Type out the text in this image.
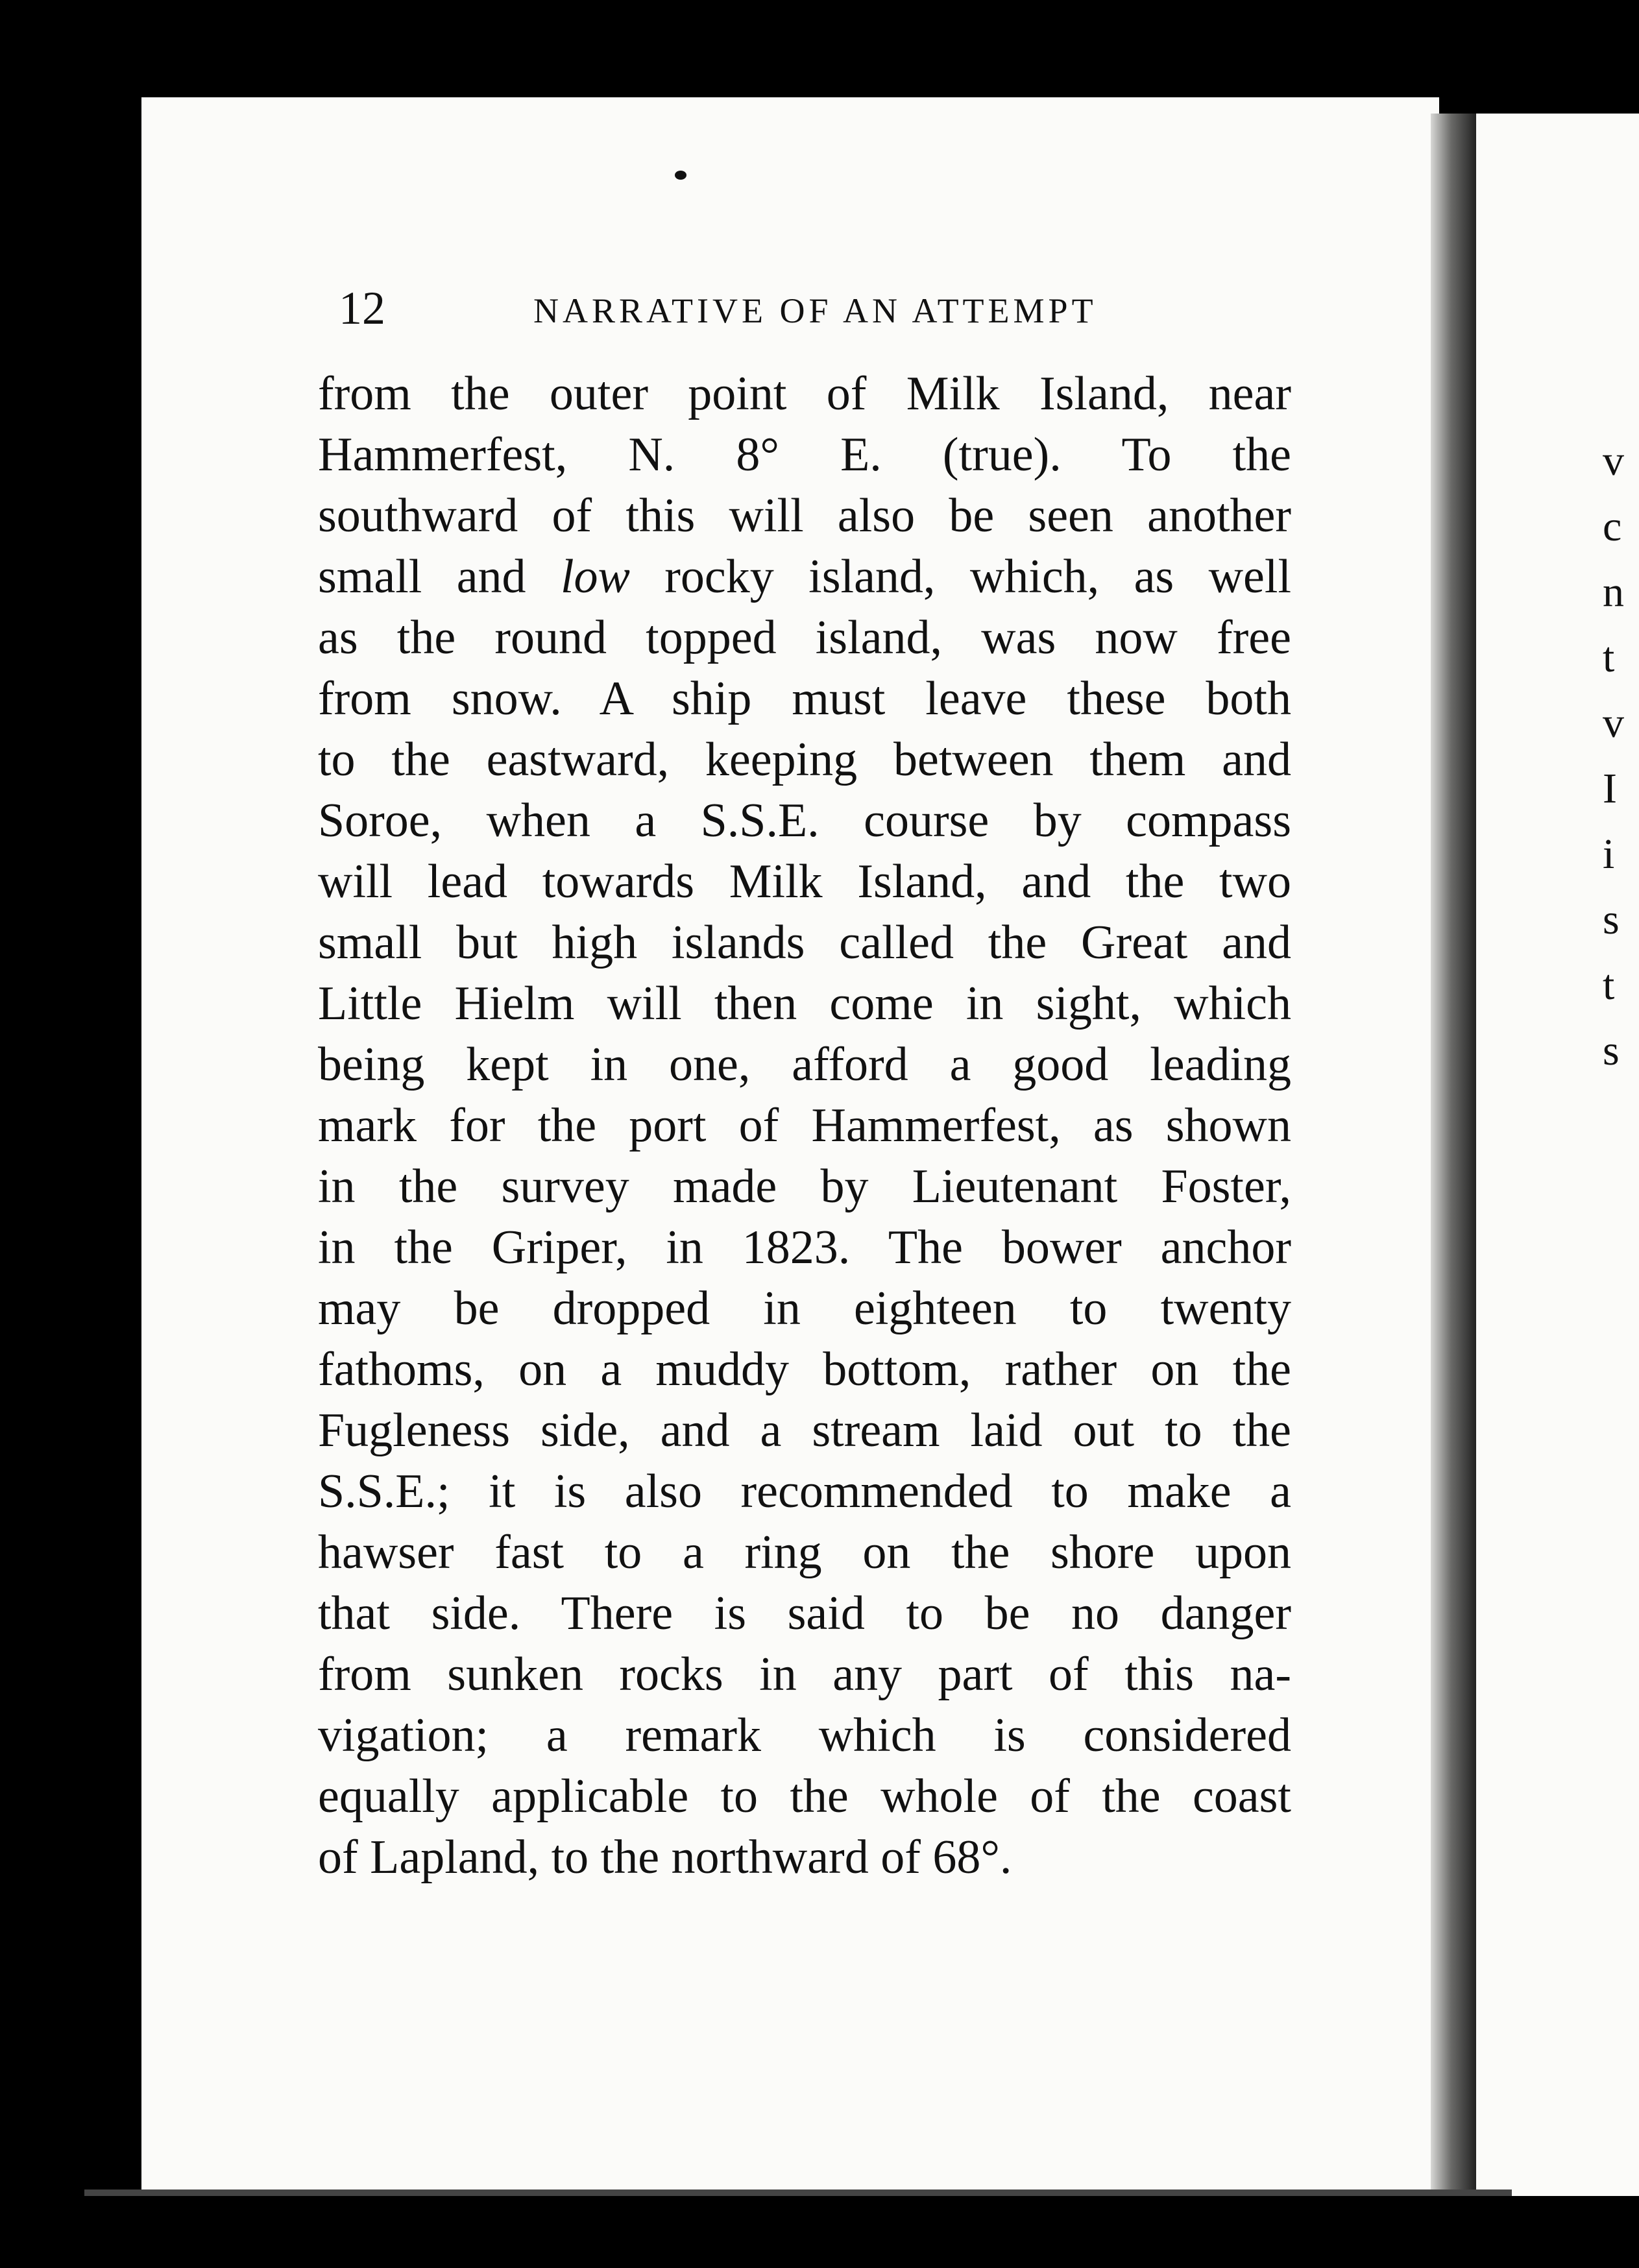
12	NARRATIVE OF AN ATTEMPT
from the outer point of Milk Island, near
Hammerfest, N. 8° E. (true). To the
southward of this will also be seen another
small and low rocky island, which, as well
as the round topped island, was now free
from snow. A ship must leave these both
to the eastward, keeping between them and
Soroe, when a S.S.E. course by compass
will lead towards Milk Island, and the two
small but high islands called the Great and
Little Hielm will then come in sight, which
being kept in one, afford a good leading
mark for the port of Hammerfest, as shown
in the survey made by Lieutenant Foster,
in the Griper, in 1823. The bower anchor
may be dropped in eighteen to twenty
fathoms, on a muddy bottom, rather on the
Fugleness side, and a stream laid out to the
S.S.E.; it is also recommended to make a
hawser fast to a ring on the shore upon
that side. There is said to be no danger
from sunken rocks in any part of this na-
vigation; a remark which is considered
equally applicable to the whole of the coast
of Lapland, to the northward of 68°.
v
c
n
t
v
I
i
s
t
s
